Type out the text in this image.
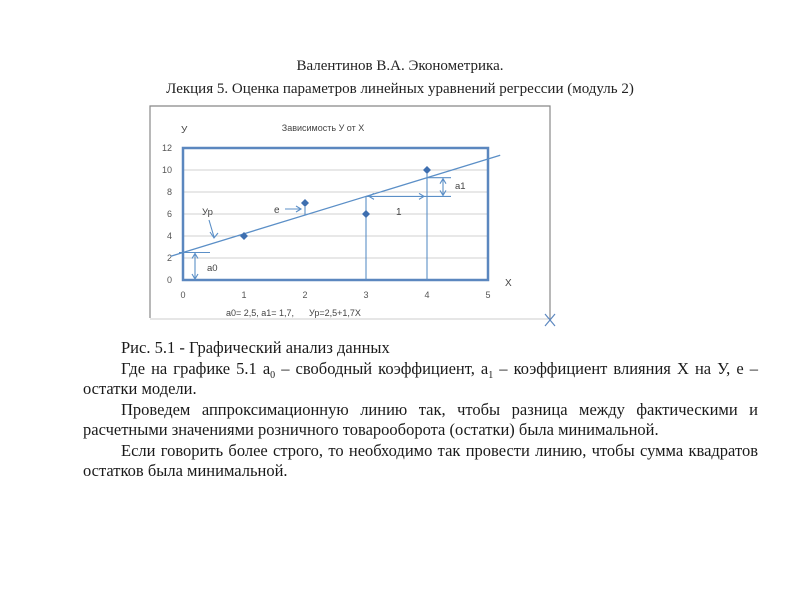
Валентинов В.А. Эконометрика.
Лекция 5. Оценка параметров линейных уравнений регрессии (модуль 2)
Зависимость У от Х
У
Х
0
2
4
6
8
10
12
0	1	2	3	4	5
Ур	е
а0
а1
1
а0= 2,5, а1= 1,7,      Ур=2,5+1,7Х

Рис. 5.1 - Графический анализ данных

Где на графике 5.1 $a_0$ – свободный коэффициент, $a_1$ – коэффициент влияния Х на У, е – остатки модели.

Проведем аппроксимационную линию так, чтобы разница между фактическими и расчетными значениями розничного товарооборота (остатки) была минимальной.

Если говорить более строго, то необходимо так провести линию, чтобы сумма квадратов остатков была минимальной.
